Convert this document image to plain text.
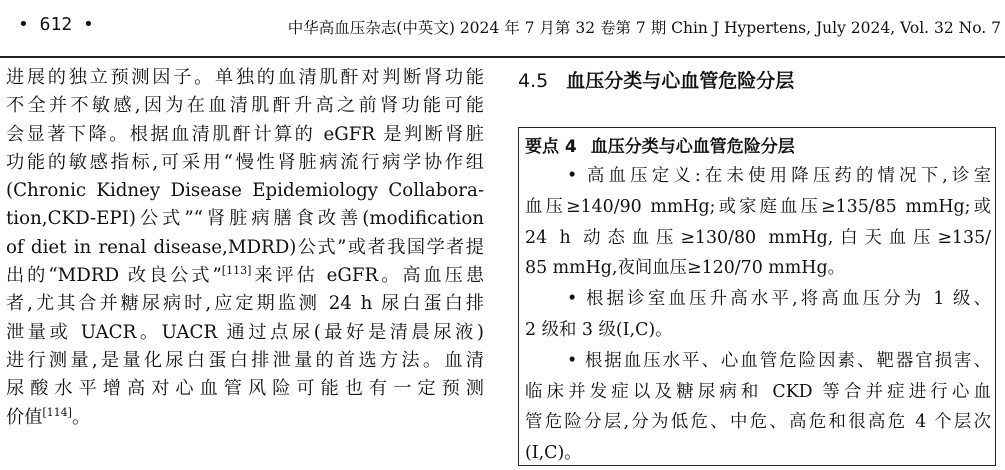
• 612 •	中华高血压杂志(中英文) 2024 年 7 月第 32 卷第 7 期 Chin J Hypertens, July 2024, Vol. 32 No. 7
进展的独立预测因子。单独的血清肌酐对判断肾功能
不全并不敏感,因为在血清肌酐升高之前肾功能可能
会显著下降。根据血清肌酐计算的 eGFR 是判断肾脏
功能的敏感指标,可采用“慢性肾脏病流行病学协作组
(Chronic Kidney Disease Epidemiology Collabora-
tion,CKD-EPI)公式”“肾脏病膳食改善(modification
of diet in renal disease,MDRD)公式”或者我国学者提
出的“MDRD 改良公式”[113]来评估 eGFR。高血压患
者,尤其合并糖尿病时,应定期监测 24 h 尿白蛋白排
泄量或 UACR。UACR 通过点尿(最好是清晨尿液)
进行测量,是量化尿白蛋白排泄量的首选方法。血清
尿酸水平增高对心血管风险可能也有一定预测
价值[114]。
4.5 血压分类与心血管危险分层
要点 4 血压分类与心血管危险分层
• 高血压定义:在未使用降压药的情况下,诊室
血压≥140/90 mmHg;或家庭血压≥135/85 mmHg;或
24 h 动态血压≥130/80 mmHg,白天血压≥135/
85 mmHg,夜间血压≥120/70 mmHg。
• 根据诊室血压升高水平,将高血压分为 1 级、
2 级和 3 级(Ⅰ,C)。
• 根据血压水平、心血管危险因素、靶器官损害、
临床并发症以及糖尿病和 CKD 等合并症进行心血
管危险分层,分为低危、中危、高危和很高危 4 个层次
(Ⅰ,C)。
